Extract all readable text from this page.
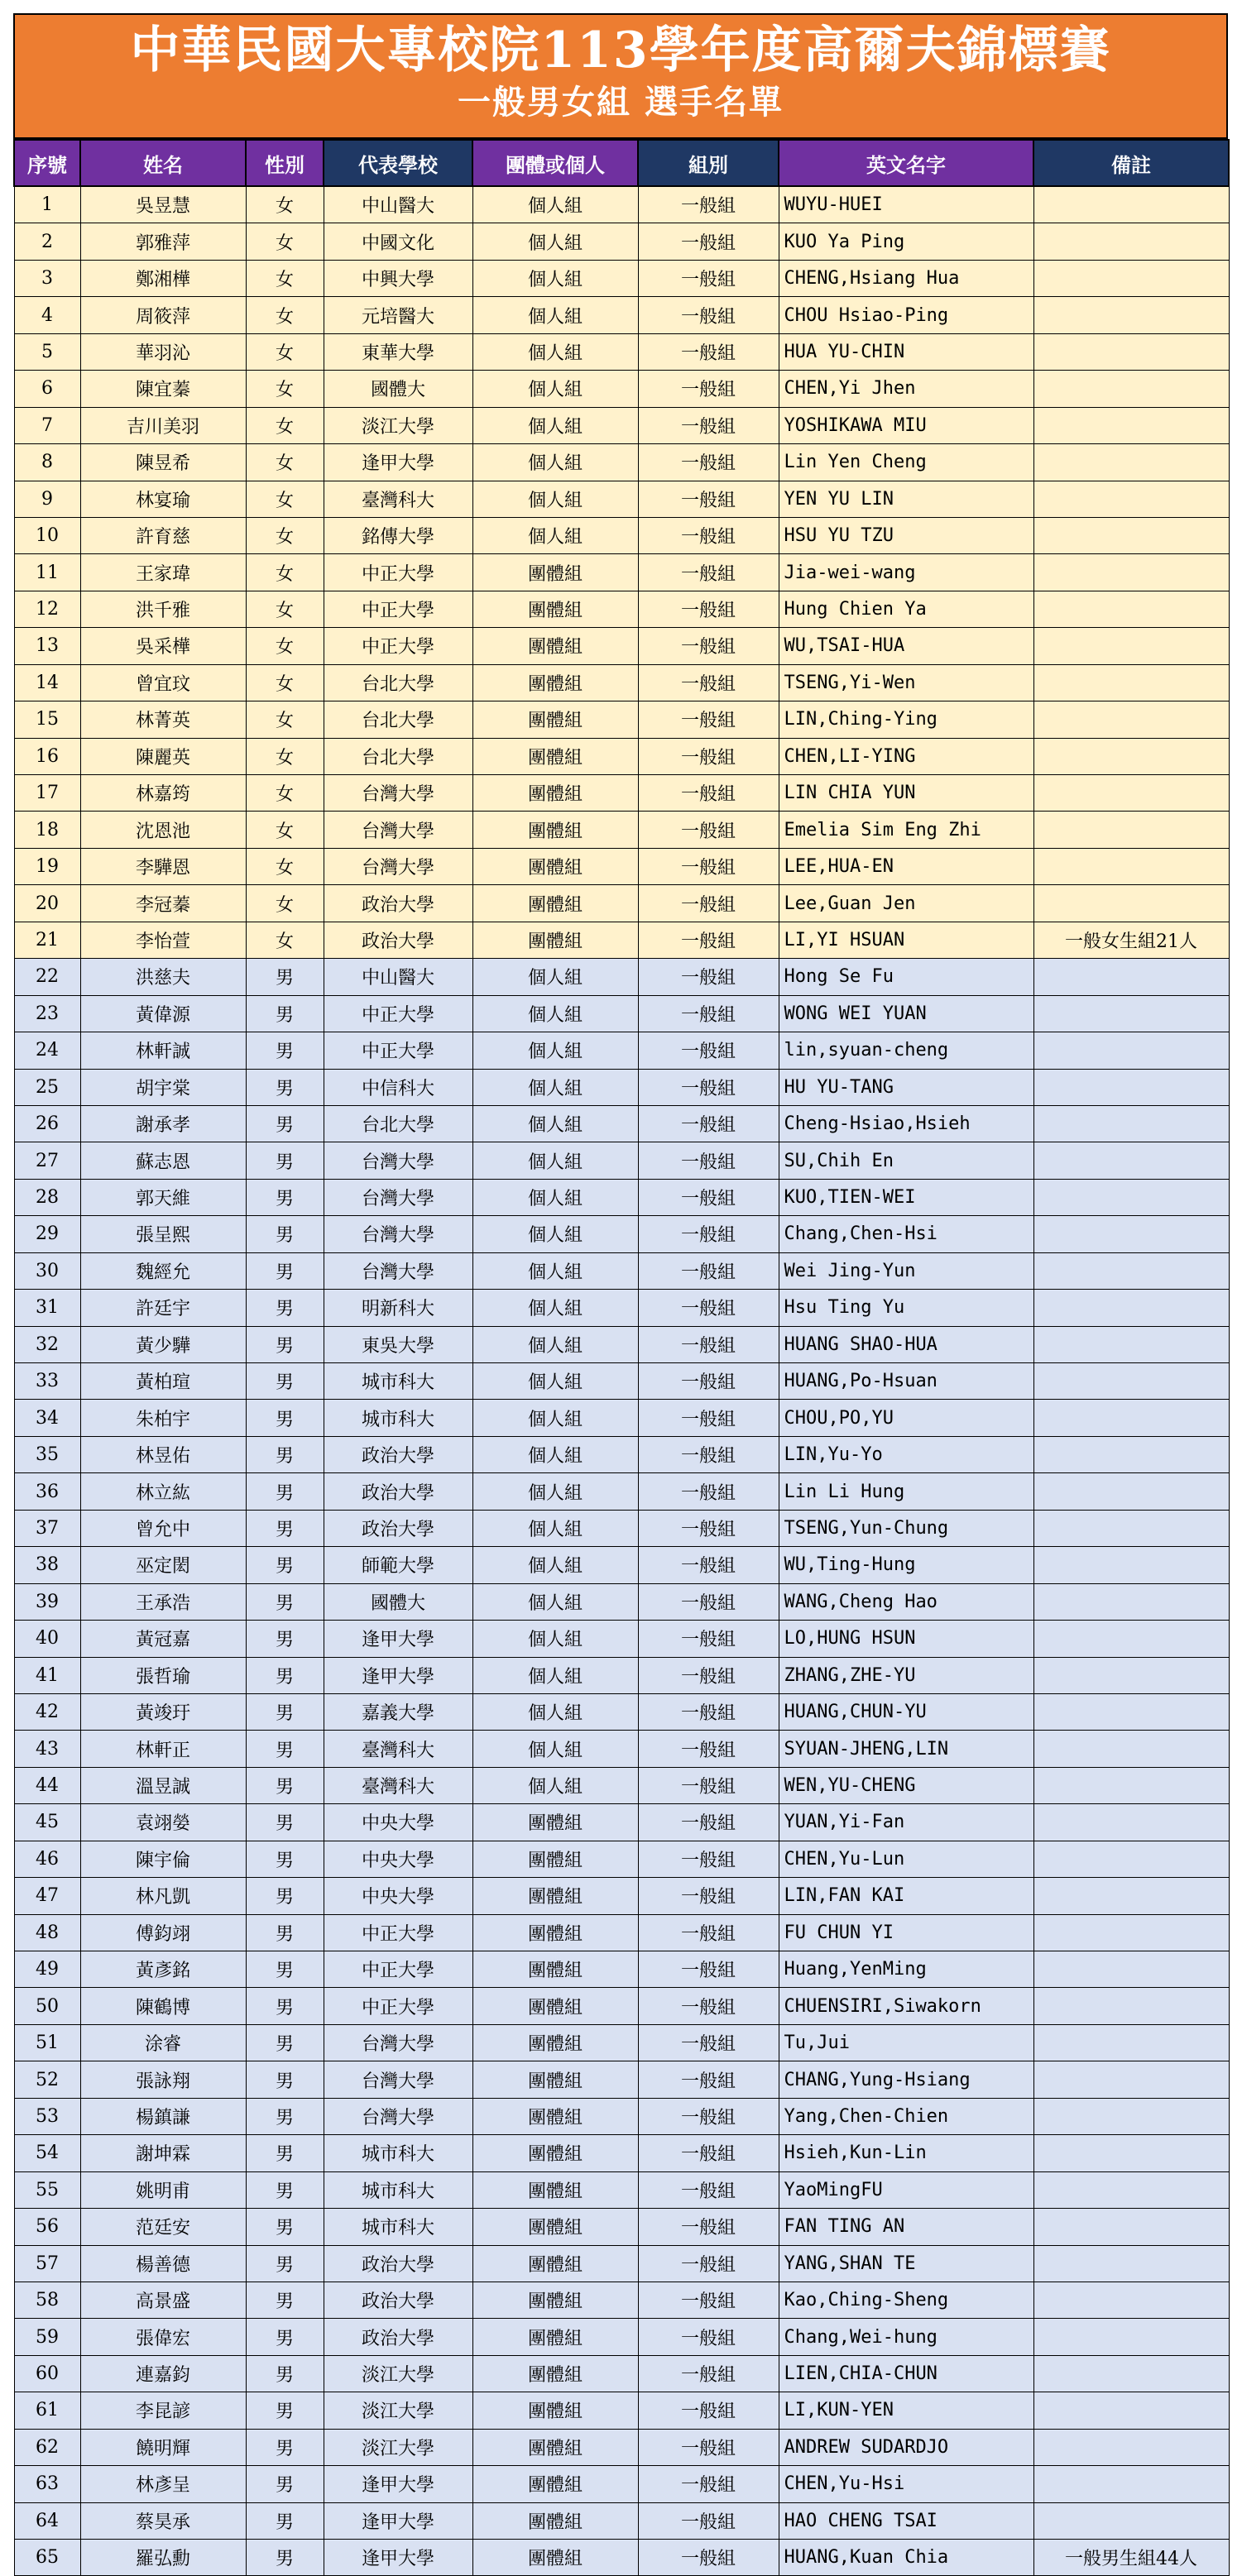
中華民國大專校院113學年度高爾夫錦標賽
一般男女組 選手名單
序號	姓名	性別	代表學校	團體或個人	組別	英文名字	備註
1	吳昱慧	女	中山醫大	個人組	一般組	WUYU-HUEI	
2	郭雅萍	女	中國文化	個人組	一般組	KUO Ya Ping	
3	鄭湘樺	女	中興大學	個人組	一般組	CHENG,Hsiang Hua	
4	周筱萍	女	元培醫大	個人組	一般組	CHOU Hsiao-Ping	
5	華羽沁	女	東華大學	個人組	一般組	HUA YU-CHIN	
6	陳宜蓁	女	國體大	個人組	一般組	CHEN,Yi Jhen	
7	吉川美羽	女	淡江大學	個人組	一般組	YOSHIKAWA MIU	
8	陳昱希	女	逢甲大學	個人組	一般組	Lin Yen Cheng	
9	林宴瑜	女	臺灣科大	個人組	一般組	YEN YU LIN	
10	許育慈	女	銘傳大學	個人組	一般組	HSU YU TZU	
11	王家瑋	女	中正大學	團體組	一般組	Jia-wei-wang	
12	洪千雅	女	中正大學	團體組	一般組	Hung Chien Ya	
13	吳采樺	女	中正大學	團體組	一般組	WU,TSAI-HUA	
14	曾宜玟	女	台北大學	團體組	一般組	TSENG,Yi-Wen	
15	林菁英	女	台北大學	團體組	一般組	LIN,Ching-Ying	
16	陳麗英	女	台北大學	團體組	一般組	CHEN,LI-YING	
17	林嘉筠	女	台灣大學	團體組	一般組	LIN CHIA YUN	
18	沈恩池	女	台灣大學	團體組	一般組	Emelia Sim Eng Zhi	
19	李驊恩	女	台灣大學	團體組	一般組	LEE,HUA-EN	
20	李冠蓁	女	政治大學	團體組	一般組	Lee,Guan Jen	
21	李怡萱	女	政治大學	團體組	一般組	LI,YI HSUAN	一般女生組21人
22	洪慈夫	男	中山醫大	個人組	一般組	Hong Se Fu	
23	黃偉源	男	中正大學	個人組	一般組	WONG WEI YUAN	
24	林軒誠	男	中正大學	個人組	一般組	lin,syuan-cheng	
25	胡宇棠	男	中信科大	個人組	一般組	HU YU-TANG	
26	謝承孝	男	台北大學	個人組	一般組	Cheng-Hsiao,Hsieh	
27	蘇志恩	男	台灣大學	個人組	一般組	SU,Chih En	
28	郭天維	男	台灣大學	個人組	一般組	KUO,TIEN-WEI	
29	張呈熙	男	台灣大學	個人組	一般組	Chang,Chen-Hsi	
30	魏經允	男	台灣大學	個人組	一般組	Wei Jing-Yun	
31	許廷宇	男	明新科大	個人組	一般組	Hsu Ting Yu	
32	黃少驊	男	東吳大學	個人組	一般組	HUANG SHAO-HUA	
33	黃柏瑄	男	城市科大	個人組	一般組	HUANG,Po-Hsuan	
34	朱柏宇	男	城市科大	個人組	一般組	CHOU,PO,YU	
35	林昱佑	男	政治大學	個人組	一般組	LIN,Yu-Yo	
36	林立紘	男	政治大學	個人組	一般組	Lin Li Hung	
37	曾允中	男	政治大學	個人組	一般組	TSENG,Yun-Chung	
38	巫定閎	男	師範大學	個人組	一般組	WU,Ting-Hung	
39	王承浩	男	國體大	個人組	一般組	WANG,Cheng Hao	
40	黃冠嘉	男	逢甲大學	個人組	一般組	LO,HUNG HSUN	
41	張哲瑜	男	逢甲大學	個人組	一般組	ZHANG,ZHE-YU	
42	黃竣玗	男	嘉義大學	個人組	一般組	HUANG,CHUN-YU	
43	林軒正	男	臺灣科大	個人組	一般組	SYUAN-JHENG,LIN	
44	溫昱誠	男	臺灣科大	個人組	一般組	WEN,YU-CHENG	
45	袁翊嫈	男	中央大學	團體組	一般組	YUAN,Yi-Fan	
46	陳宇倫	男	中央大學	團體組	一般組	CHEN,Yu-Lun	
47	林凡凱	男	中央大學	團體組	一般組	LIN,FAN KAI	
48	傅鈞翊	男	中正大學	團體組	一般組	FU CHUN YI	
49	黃彥銘	男	中正大學	團體組	一般組	Huang,YenMing	
50	陳鶴博	男	中正大學	團體組	一般組	CHUENSIRI,Siwakorn	
51	涂睿	男	台灣大學	團體組	一般組	Tu,Jui	
52	張詠翔	男	台灣大學	團體組	一般組	CHANG,Yung-Hsiang	
53	楊鎮謙	男	台灣大學	團體組	一般組	Yang,Chen-Chien	
54	謝坤霖	男	城市科大	團體組	一般組	Hsieh,Kun-Lin	
55	姚明甫	男	城市科大	團體組	一般組	YaoMingFU	
56	范廷安	男	城市科大	團體組	一般組	FAN TING AN	
57	楊善德	男	政治大學	團體組	一般組	YANG,SHAN TE	
58	高景盛	男	政治大學	團體組	一般組	Kao,Ching-Sheng	
59	張偉宏	男	政治大學	團體組	一般組	Chang,Wei-hung	
60	連嘉鈞	男	淡江大學	團體組	一般組	LIEN,CHIA-CHUN	
61	李昆諺	男	淡江大學	團體組	一般組	LI,KUN-YEN	
62	饒明輝	男	淡江大學	團體組	一般組	ANDREW SUDARDJO	
63	林彥呈	男	逢甲大學	團體組	一般組	CHEN,Yu-Hsi	
64	蔡昊承	男	逢甲大學	團體組	一般組	HAO CHENG TSAI	
65	羅弘勳	男	逢甲大學	團體組	一般組	HUANG,Kuan Chia	一般男生組44人
